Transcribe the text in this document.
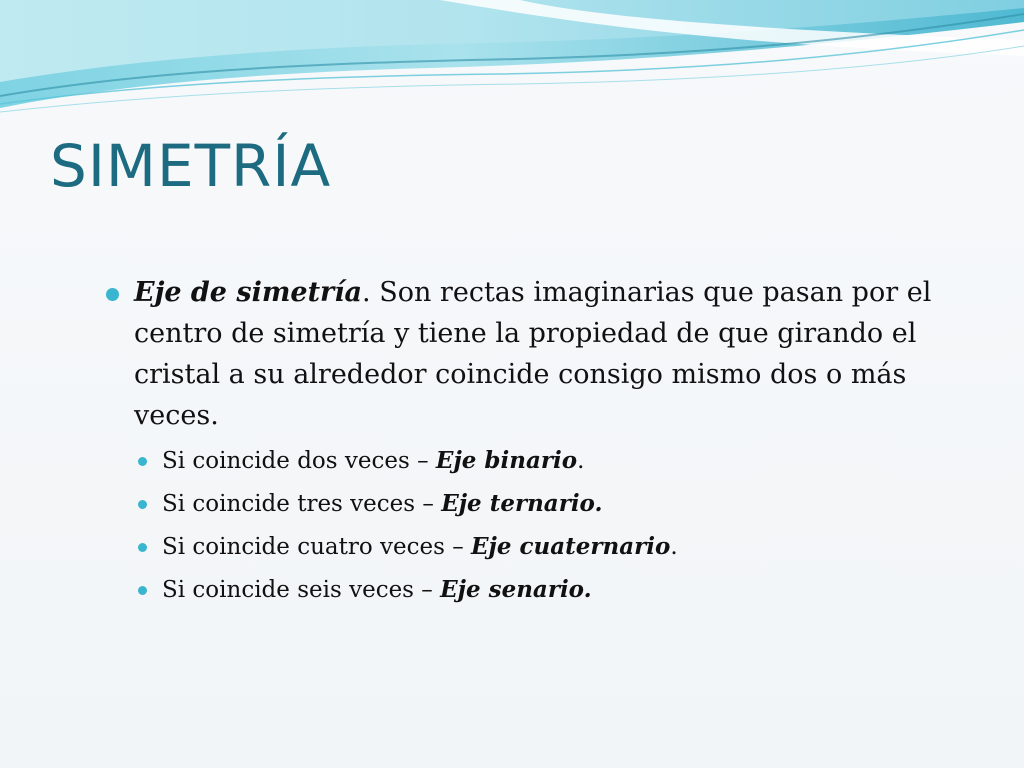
SIMETRÍA

Eje de simetría. Son rectas imaginarias que pasan por el centro de simetría y tiene la propiedad de que girando el cristal a su alrededor coincide consigo mismo dos o más veces.

Si coincide dos veces – Eje binario.
Si coincide tres veces – Eje ternario.
Si coincide cuatro veces – Eje cuaternario.
Si coincide seis veces – Eje senario.
